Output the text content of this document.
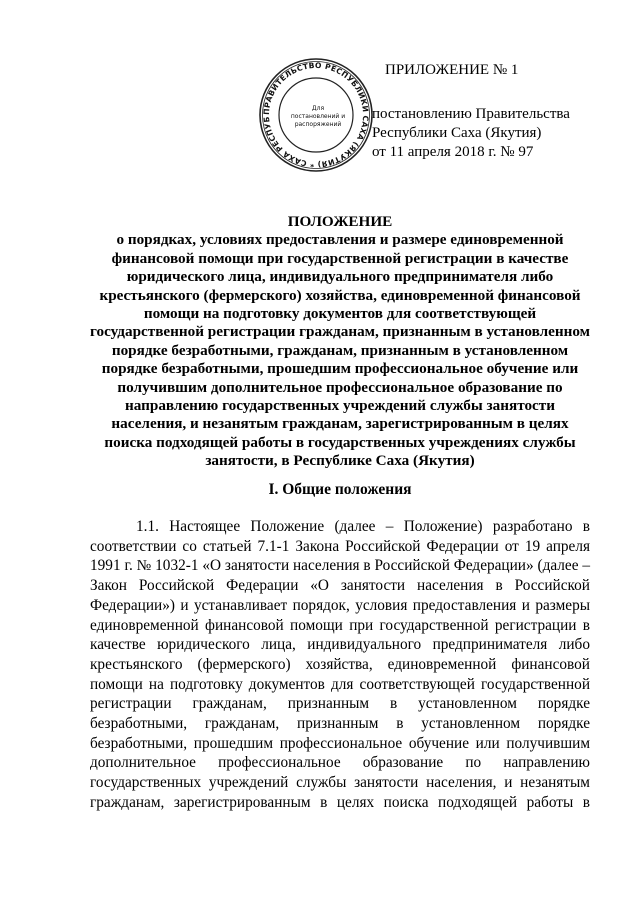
ПРАВИТЕЛЬСТВО РЕСПУБЛИКИ САХА (ЯКУТИЯ) * САХА РЕСПУБ
Для
постановлений и
распоряжений
ПРИЛОЖЕНИЕ № 1
постановлению Правительства
Республики Саха (Якутия)
от 11 апреля 2018 г. № 97
ПОЛОЖЕНИЕ
о порядках, условиях предоставления и размере единовременной
финансовой помощи при государственной регистрации в качестве
юридического лица, индивидуального предпринимателя либо
крестьянского (фермерского) хозяйства, единовременной финансовой
помощи на подготовку документов для соответствующей
государственной регистрации гражданам, признанным в установленном
порядке безработными, гражданам, признанным в установленном
порядке безработными, прошедшим профессиональное обучение или
получившим дополнительное профессиональное образование по
направлению государственных учреждений службы занятости
населения, и незанятым гражданам, зарегистрированным в целях
поиска подходящей работы в государственных учреждениях службы
занятости, в Республике Саха (Якутия)
I. Общие положения
1.1. Настоящее Положение (далее – Положение) разработано в
соответствии со статьей 7.1-1 Закона Российской Федерации от 19 апреля
1991 г. № 1032-1 «О занятости населения в Российской Федерации» (далее –
Закон Российской Федерации «О занятости населения в Российской
Федерации») и устанавливает порядок, условия предоставления и размеры
единовременной финансовой помощи при государственной регистрации в
качестве юридического лица, индивидуального предпринимателя либо
крестьянского (фермерского) хозяйства, единовременной финансовой
помощи на подготовку документов для соответствующей государственной
регистрации гражданам, признанным в установленном порядке
безработными, гражданам, признанным в установленном порядке
безработными, прошедшим профессиональное обучение или получившим
дополнительное профессиональное образование по направлению
государственных учреждений службы занятости населения, и незанятым
гражданам, зарегистрированным в целях поиска подходящей работы в
